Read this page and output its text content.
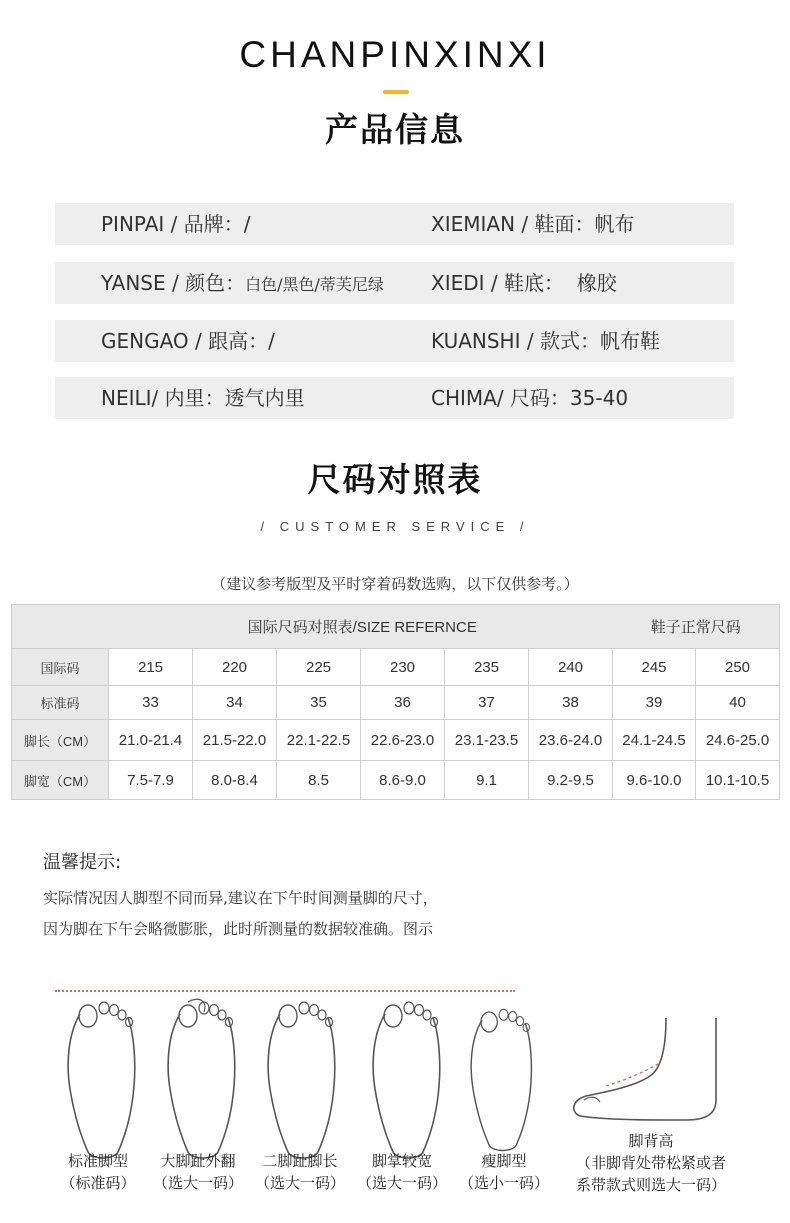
CHANPINXINXI
产品信息
PINPAI / 品牌：/	XIEMIAN / 鞋面：帆布
YANSE / 颜色：白色/黑色/蒂芙尼绿 XIEDI / 鞋底：  橡胶
GENGAO / 跟高：/	KUANSHI / 款式：帆布鞋
NEILI/ 内里：透气内里	CHIMA/ 尺码：35-40
尺码对照表
/ CUSTOMER SERVICE /
（建议参考版型及平时穿着码数选购，以下仅供参考。）
国际尺码对照表/SIZE REFERNCE							鞋子正常尺码	
国际码	215	220	225	230	235	240	245	250
标准码	33	34	35	36	37	38	39	40
脚长（CM）	21.0-21.4	21.5-22.0	22.1-22.5	22.6-23.0	23.1-23.5	23.6-24.0	24.1-24.5	24.6-25.0
脚宽（CM）	7.5-7.9	8.0-8.4	8.5	8.6-9.0	9.1	9.2-9.5	9.6-10.0	10.1-10.5
温馨提示:
实际情况因人脚型不同而异,建议在下午时间测量脚的尺寸，
因为脚在下午会略微膨胀，此时所测量的数据较准确。图示
标准脚型
（标准码）
大脚趾外翻
（选大一码）
二脚趾脚长
（选大一码）
脚掌较宽
（选大一码）
瘦脚型
（选小一码）
脚背高
（非脚背处带松紧或者
系带款式则选大一码）
